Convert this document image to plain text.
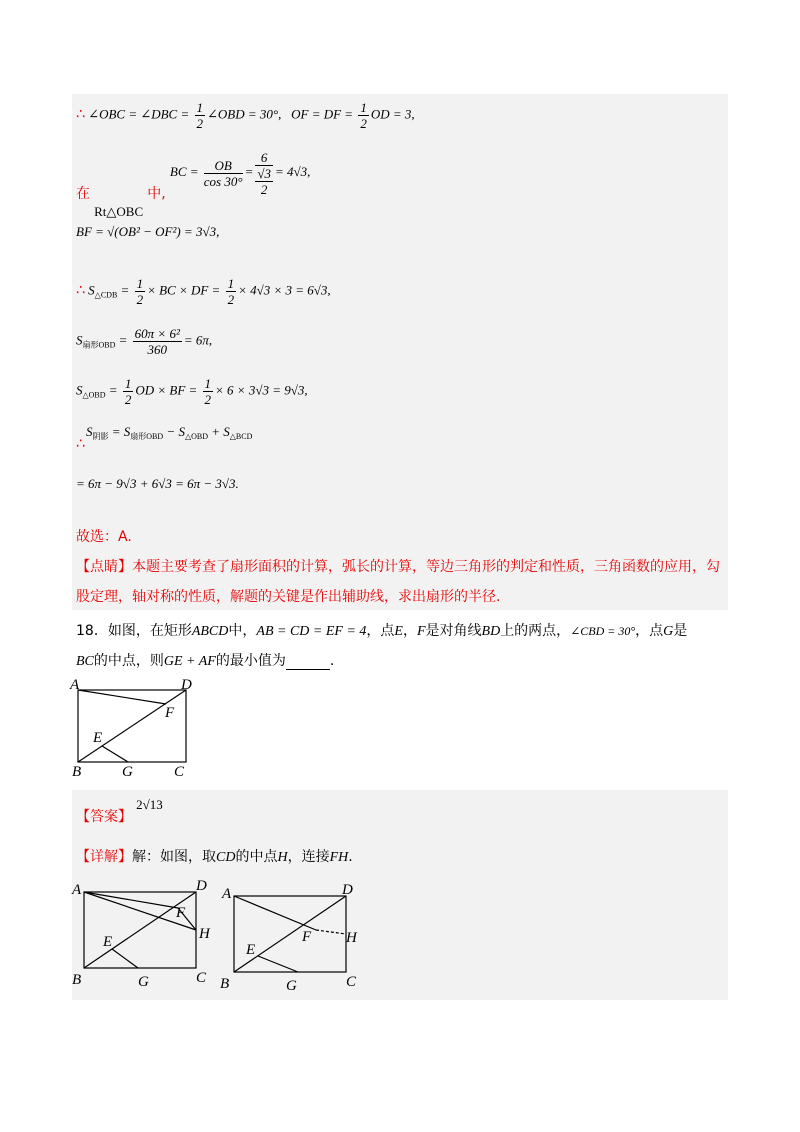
∴ ∠OBC = ∠DBC = $\frac{1}{2}$ ∠OBD = 30°,   OF = DF = $\frac{1}{2}$ OD = 3,
在 Rt△OBC 中, BC = $\frac{OB}{\cos 30^\circ}$ =
6
√3
2
= 4√3,
BF = √(OB² − OF²) = 3√3,
∴ $S_{\triangle CDB} = \frac{1}{2}$ × BC × DF = $\frac{1}{2} \times 4√3 \times 3 = 6√3$,
$S_{扇形OBD} = \frac{\text{60π × 6²}}{360} = 6\pi$,
$S_{\triangle OBD} = \frac{1}{2}$ OD × BF = $\frac{1}{2} \times 6 \times 3√3 = 9√3$,
$S_{阴影} = S_{扇形OBD} - S_{\triangle OBD} + S_{\triangle BCD}$
∴
= 6π − 9√3 + 6√3 = 6π − 3√3.
故选：A.
【点睛】本题主要考查了扇形面积的计算，弧长的计算，等边三角形的判定和性质，三角函数的应用，勾
股定理，轴对称的性质，解题的关键是作出辅助线，求出扇形的半径.
18．如图，在矩形ABCD中，AB = CD = EF = 4，点E，F是对角线BD上的两点，∠CBD = 30°，点G是
BC的中点，则GE + AF的最小值为	.
A	D
F
E
B	G	C
【答案】 2√13
【详解】解：如图，取CD的中点H，连接FH.
A	D
F
H
E
B	G	C
A	D
F H
E
B	G	C
